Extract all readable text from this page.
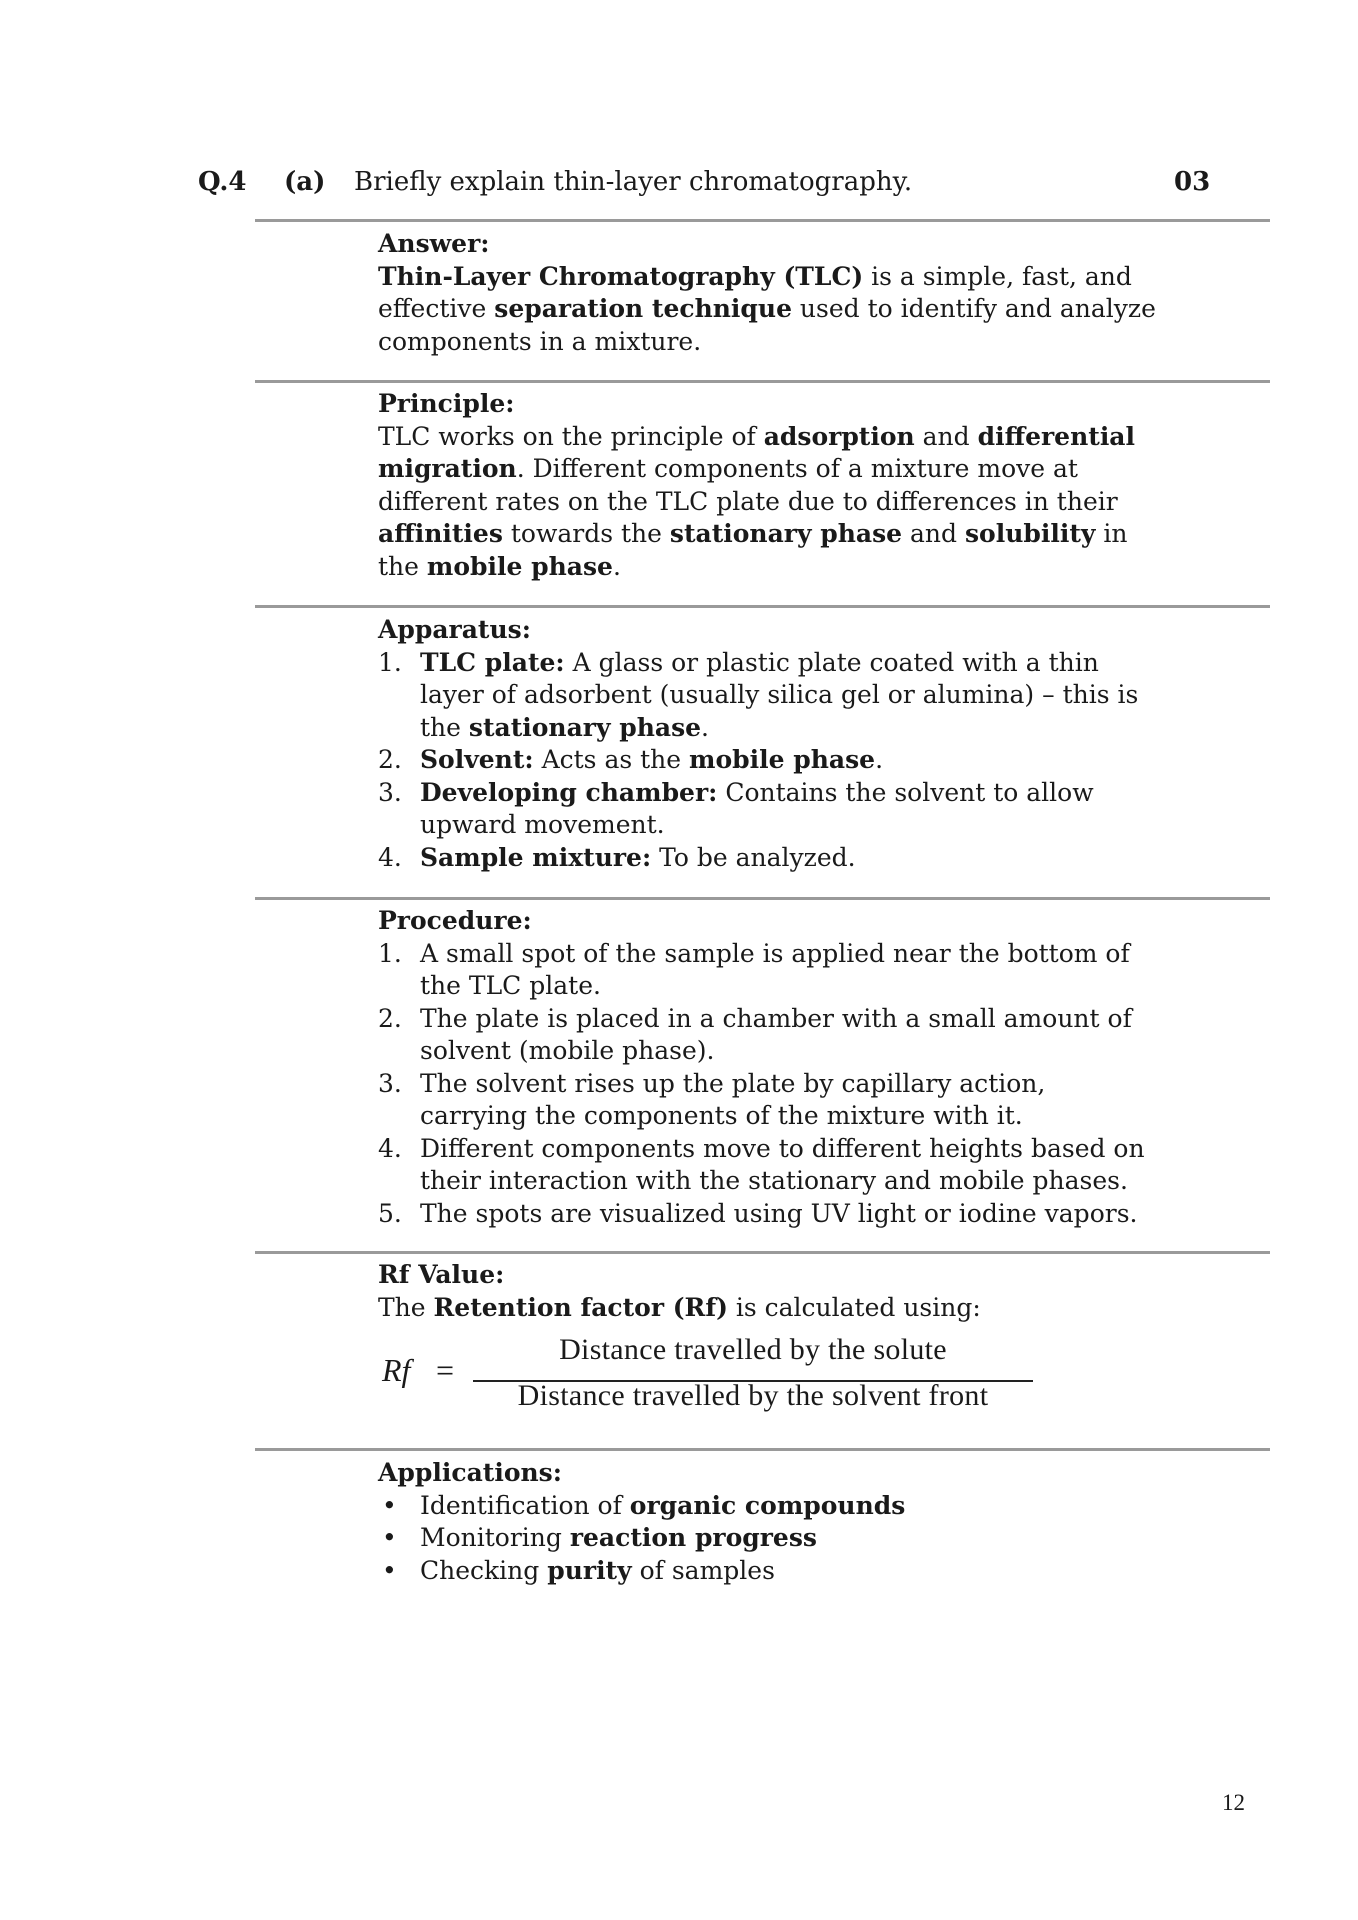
Q.4 (a) Briefly explain thin-layer chromatography.	03
Answer:

Thin-Layer Chromatography (TLC) is a simple, fast, and effective separation technique used to identify and analyze components in a mixture.

Principle:

TLC works on the principle of adsorption and differential migration. Different components of a mixture move at different rates on the TLC plate due to differences in their affinities towards the stationary phase and solubility in the mobile phase.

Apparatus:
1. TLC plate: A glass or plastic plate coated with a thin layer of adsorbent (usually silica gel or alumina) – this is the stationary phase.
2. Solvent: Acts as the mobile phase.
3. Developing chamber: Contains the solvent to allow upward movement.
4. Sample mixture: To be analyzed.
Procedure:
1. A small spot of the sample is applied near the bottom of the TLC plate.
2. The plate is placed in a chamber with a small amount of solvent (mobile phase).
3. The solvent rises up the plate by capillary action, carrying the components of the mixture with it.
4. Different components move to different heights based on their interaction with the stationary and mobile phases.
5. The spots are visualized using UV light or iodine vapors.
Rf Value:

The Retention factor (Rf) is calculated using:

Rf =
Distance travelled by the solute
Distance travelled by the solvent front
Applications:
• Identification of organic compounds
• Monitoring reaction progress
• Checking purity of samples
12
